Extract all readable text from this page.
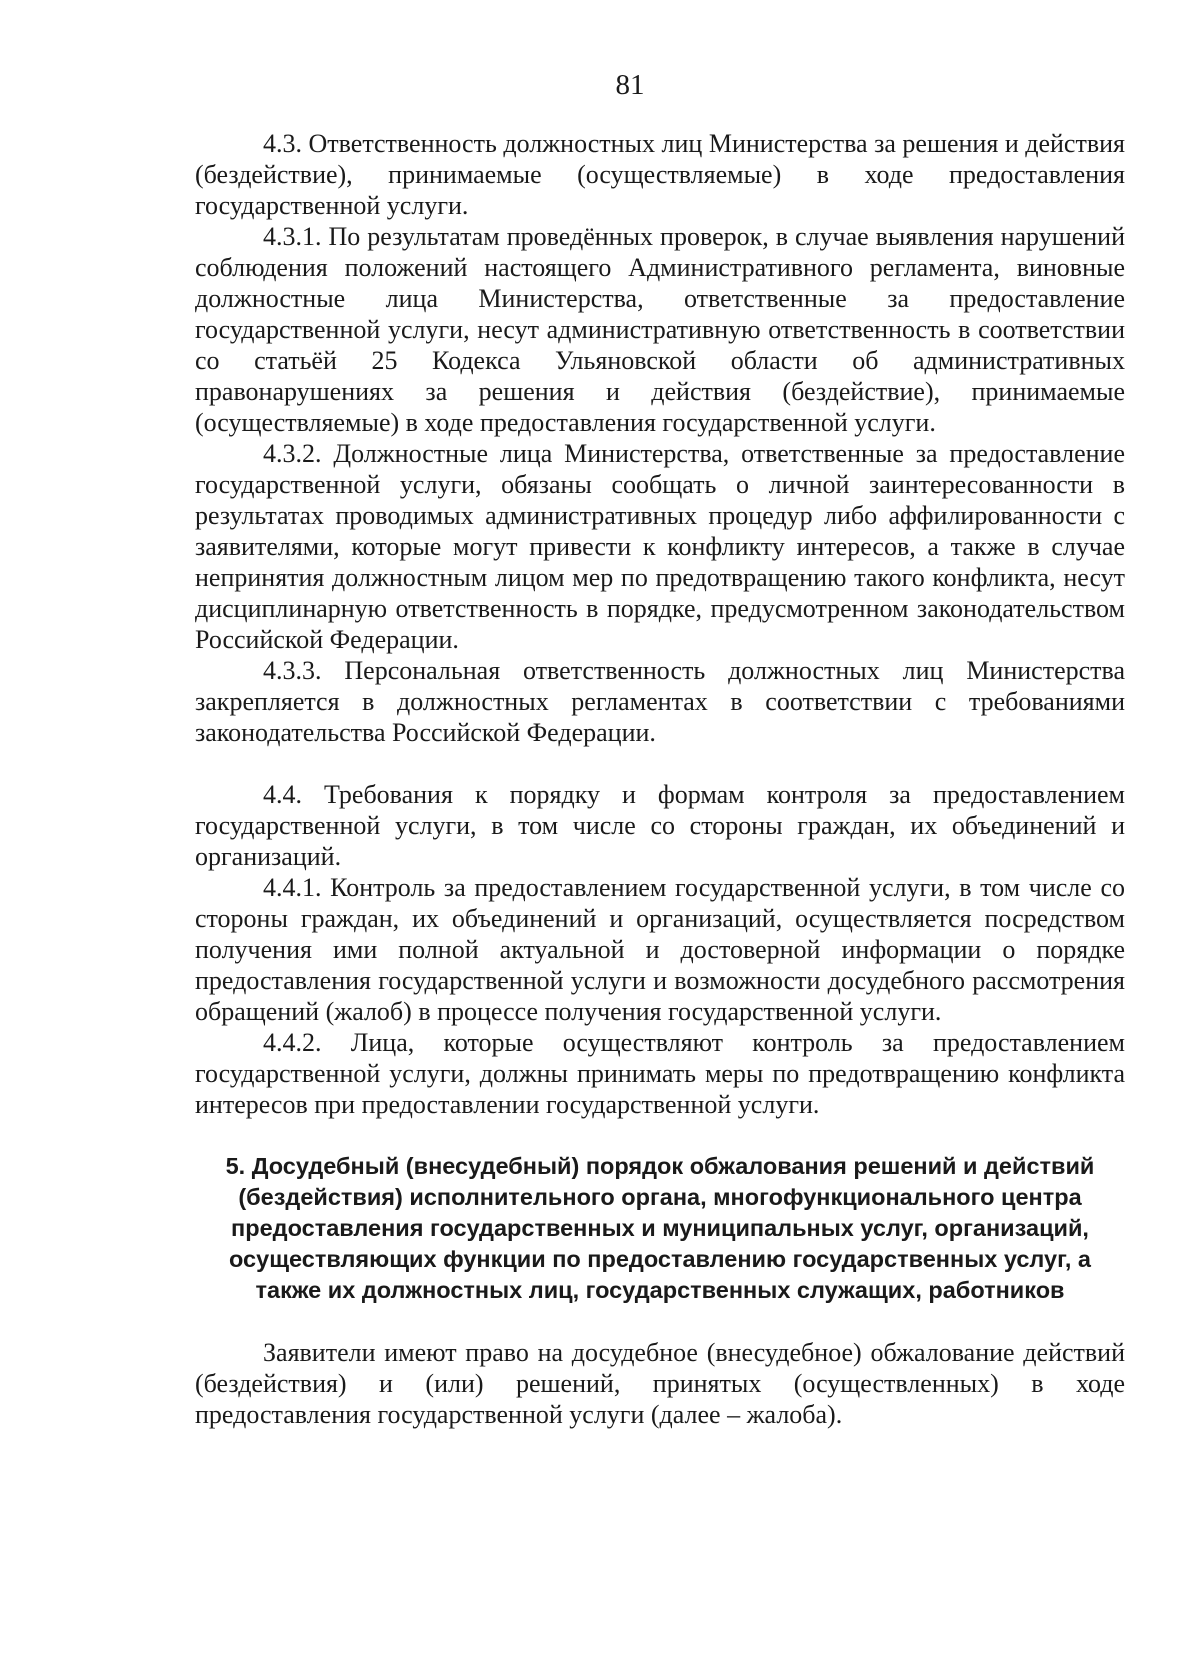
81

4.3. Ответственность должностных лиц Министерства за решения и действия (бездействие), принимаемые (осуществляемые) в ходе предоставления государственной услуги.

4.3.1. По результатам проведённых проверок, в случае выявления нарушений соблюдения положений настоящего Административного регламента, виновные должностные лица Министерства, ответственные за предоставление государственной услуги, несут административную ответственность в соответствии со статьёй 25 Кодекса Ульяновской области об административных правонарушениях за решения и действия (бездействие), принимаемые (осуществляемые) в ходе предоставления государственной услуги.

4.3.2. Должностные лица Министерства, ответственные за предоставление государственной услуги, обязаны сообщать о личной заинтересованности в результатах проводимых административных процедур либо аффилированности с заявителями, которые могут привести к конфликту интересов, а также в случае непринятия должностным лицом мер по предотвращению такого конфликта, несут дисциплинарную ответственность в порядке, предусмотренном законодательством Российской Федерации.

4.3.3. Персональная ответственность должностных лиц Министерства закрепляется в должностных регламентах в соответствии с требованиями законодательства Российской Федерации.

4.4. Требования к порядку и формам контроля за предоставлением государственной услуги, в том числе со стороны граждан, их объединений и организаций.

4.4.1. Контроль за предоставлением государственной услуги, в том числе со стороны граждан, их объединений и организаций, осуществляется посредством получения ими полной актуальной и достоверной информации о порядке предоставления государственной услуги и возможности досудебного рассмотрения обращений (жалоб) в процессе получения государственной услуги.

4.4.2. Лица, которые осуществляют контроль за предоставлением государственной услуги, должны принимать меры по предотвращению конфликта интересов при предоставлении государственной услуги.

5. Досудебный (внесудебный) порядок обжалования решений и действий
(бездействия) исполнительного органа, многофункционального центра
предоставления государственных и муниципальных услуг, организаций,
осуществляющих функции по предоставлению государственных услуг, а
также их должностных лиц, государственных служащих, работников

Заявители имеют право на досудебное (внесудебное) обжалование действий (бездействия) и (или) решений, принятых (осуществленных) в ходе предоставления государственной услуги (далее – жалоба).
